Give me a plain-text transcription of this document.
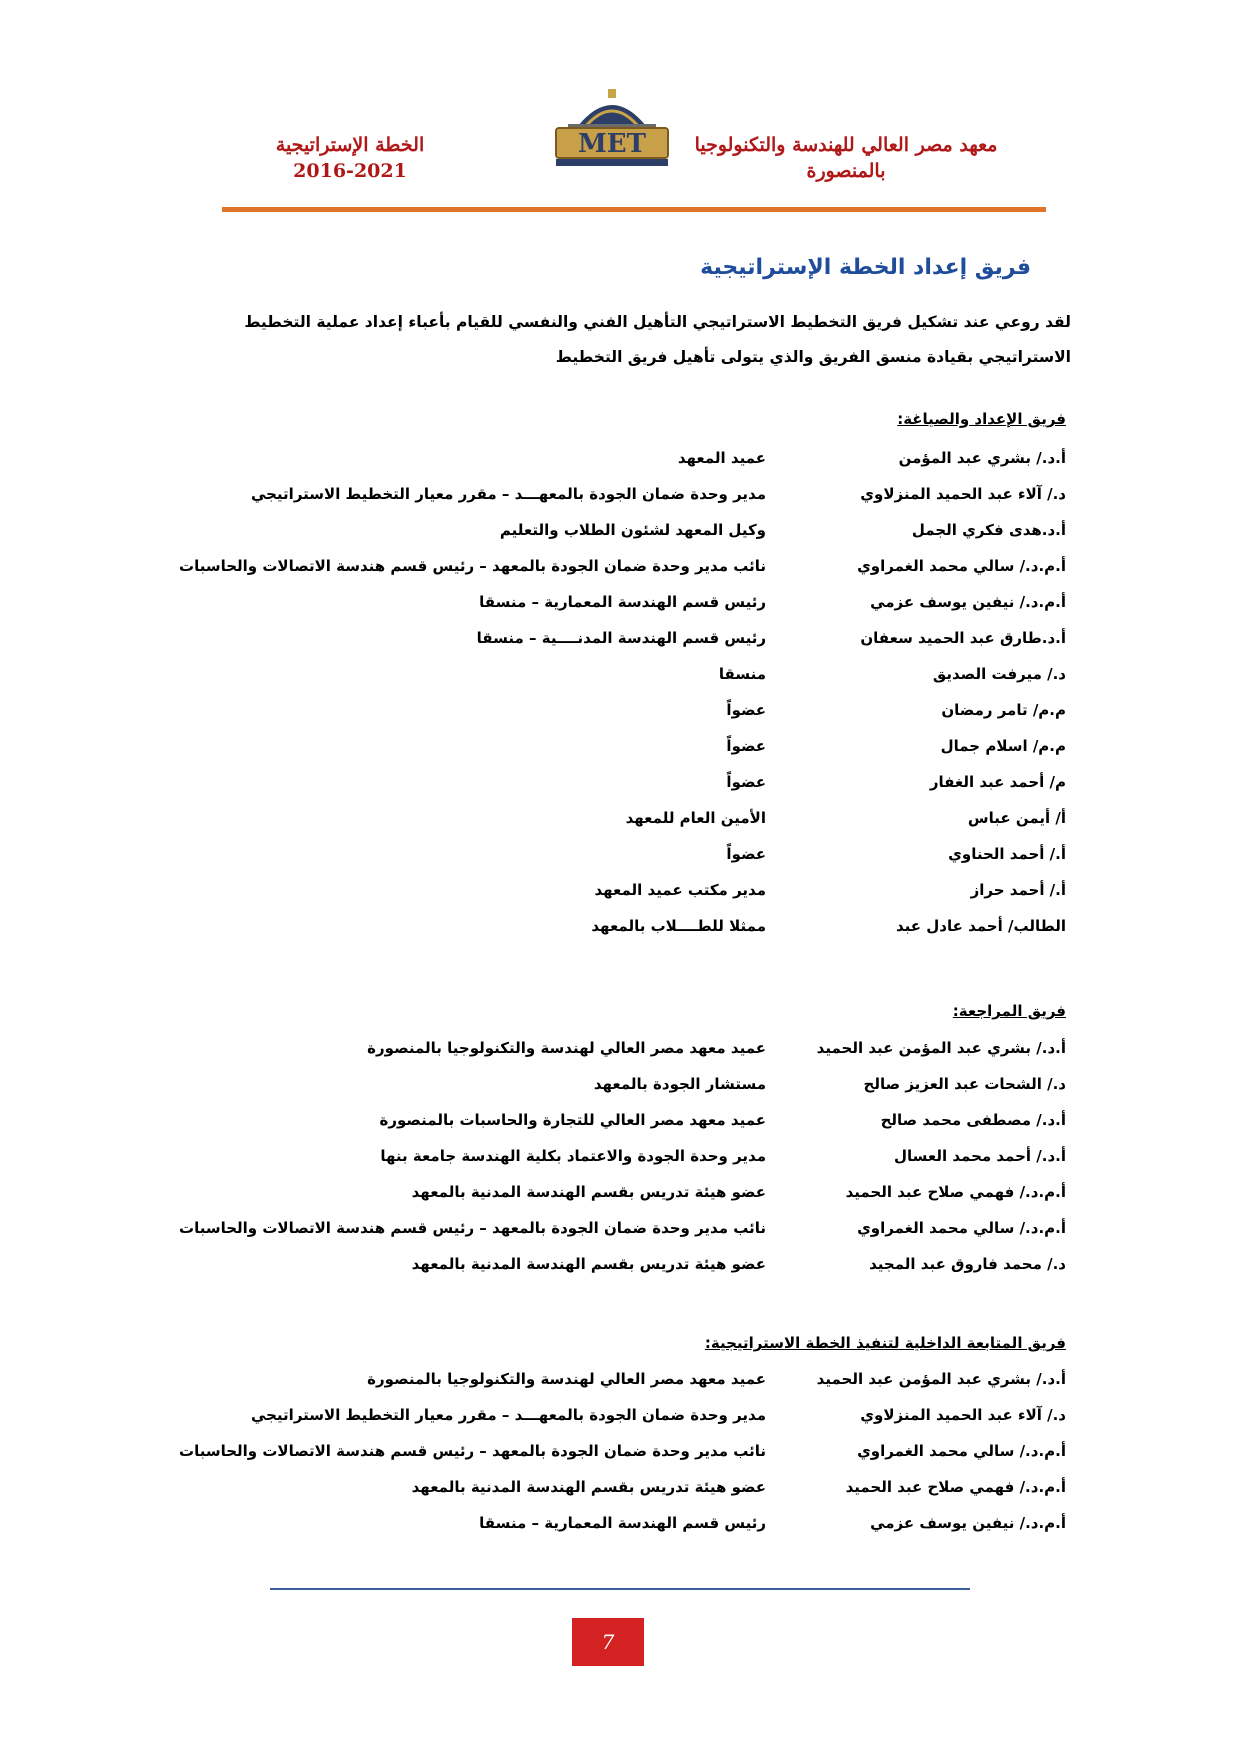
معهد مصر العالي للهندسة والتكنولوجيا
بالمنصورة
MET
الخطة الإستراتيجية

2016-2021
فريق إعداد الخطة الإستراتيجية

لقد روعي عند تشكيل فريق التخطيط الاستراتيجي التأهيل الفني والنفسي للقيام بأعباء إعداد عملية التخطيط

الاستراتيجي بقيادة منسق الفريق والذي يتولى تأهيل فريق التخطيط

فريق الإعداد والصياغة:
أ.د./ بشري عبد المؤمن
عميد المعهد
د./ آلاء عبد الحميد المنزلاوي
مدير وحدة ضمان الجودة بالمعهـــد – مقرر معيار التخطيط الاستراتيجي
أ.د.هدى فكري الجمل
وكيل المعهد لشئون الطلاب والتعليم
أ.م.د./ سالي محمد الغمراوي
نائب مدير وحدة ضمان الجودة بالمعهد – رئيس قسم هندسة الاتصالات والحاسبات
أ.م.د./ نيفين يوسف عزمي
رئيس قسم الهندسة المعمارية – منسقا
أ.د.طارق عبد الحميد سعفان
رئيس قسم الهندسة المدنــــية – منسقا
د./ ميرفت الصديق
منسقا
م.م/ تامر رمضان
عضواً
م.م/ اسلام جمال
عضواً
م/ أحمد عبد الغفار
عضواً
أ/ أيمن عباس
الأمين العام للمعهد
أ./ أحمد الحناوي
عضواً
أ./ أحمد حراز
مدير مكتب عميد المعهد
الطالب/ أحمد عادل عبد
ممثلا للطــــلاب بالمعهد
فريق المراجعة:
أ.د./ بشري عبد المؤمن عبد الحميد
عميد معهد مصر العالي لهندسة والتكنولوجيا بالمنصورة
د./ الشحات عبد العزيز صالح
مستشار الجودة بالمعهد
أ.د./ مصطفى محمد صالح
عميد معهد مصر العالي للتجارة والحاسبات بالمنصورة
أ.د./ أحمد محمد العسال
مدير وحدة الجودة والاعتماد بكلية الهندسة جامعة بنها
أ.م.د./ فهمي صلاح عبد الحميد
عضو هيئة تدريس بقسم الهندسة المدنية بالمعهد
أ.م.د./ سالي محمد الغمراوي
نائب مدير وحدة ضمان الجودة بالمعهد – رئيس قسم هندسة الاتصالات والحاسبات
د./ محمد فاروق عبد المجيد
عضو هيئة تدريس بقسم الهندسة المدنية بالمعهد
فريق المتابعة الداخلية لتنفيذ الخطة الاستراتيجية:
أ.د./ بشري عبد المؤمن عبد الحميد
عميد معهد مصر العالي لهندسة والتكنولوجيا بالمنصورة
د./ آلاء عبد الحميد المنزلاوي
مدير وحدة ضمان الجودة بالمعهـــد – مقرر معيار التخطيط الاستراتيجي
أ.م.د./ سالي محمد الغمراوي
نائب مدير وحدة ضمان الجودة بالمعهد – رئيس قسم هندسة الاتصالات والحاسبات
أ.م.د./ فهمي صلاح عبد الحميد
عضو هيئة تدريس بقسم الهندسة المدنية بالمعهد
أ.م.د./ نيفين يوسف عزمي
رئيس قسم الهندسة المعمارية – منسقا
7
